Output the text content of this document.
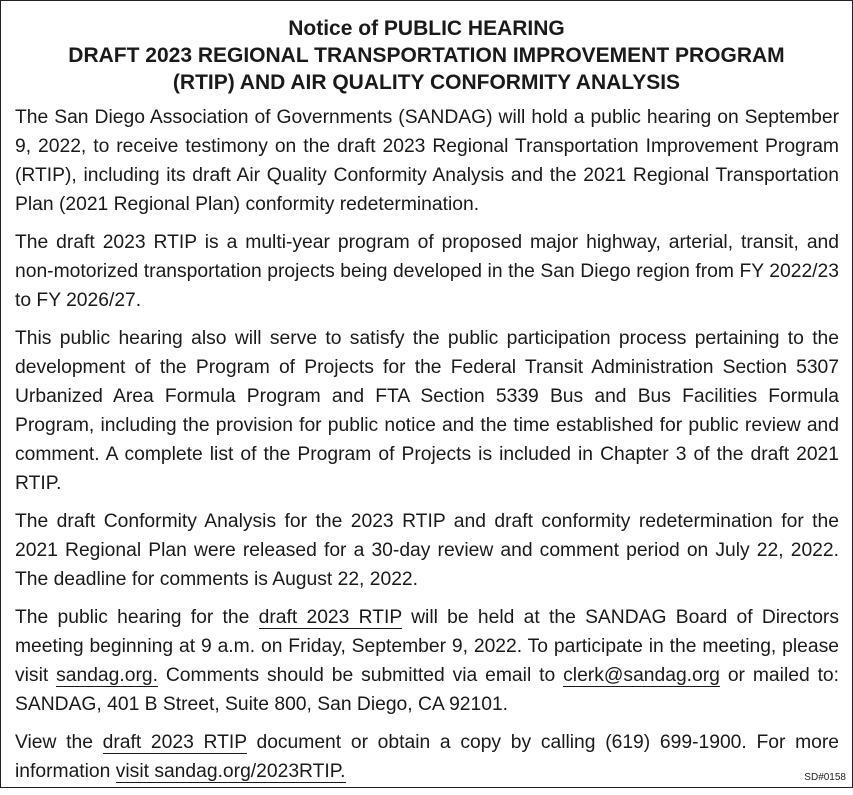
Notice of PUBLIC HEARING
DRAFT 2023 REGIONAL TRANSPORTATION IMPROVEMENT PROGRAM
(RTIP) AND AIR QUALITY CONFORMITY ANALYSIS

The San Diego Association of Governments (SANDAG) will hold a public hearing on September 9, 2022, to receive testimony on the draft 2023 Regional Transportation Improvement Program (RTIP), including its draft Air Quality Conformity Analysis and the 2021 Regional Transportation Plan (2021 Regional Plan) conformity redetermination.

The draft 2023 RTIP is a multi-year program of proposed major highway, arterial, transit, and non-motorized transportation projects being developed in the San Diego region from FY 2022/23 to FY 2026/27.

This public hearing also will serve to satisfy the public participation process pertaining to the development of the Program of Projects for the Federal Transit Administration Section 5307 Urbanized Area Formula Program and FTA Section 5339 Bus and Bus Facilities Formula Program, including the provision for public notice and the time established for public review and comment. A complete list of the Program of Projects is included in Chapter 3 of the draft 2021 RTIP.

The draft Conformity Analysis for the 2023 RTIP and draft conformity redetermination for the 2021 Regional Plan were released for a 30-day review and comment period on July 22, 2022. The deadline for comments is August 22, 2022.

The public hearing for the draft 2023 RTIP will be held at the SANDAG Board of Directors meeting beginning at 9 a.m. on Friday, September 9, 2022. To participate in the meeting, please visit sandag.org. Comments should be submitted via email to clerk@sandag.org or mailed to: SANDAG, 401 B Street, Suite 800, San Diego, CA 92101.

View the draft 2023 RTIP document or obtain a copy by calling (619) 699-1900. For more information visit sandag.org/2023RTIP.	SD#0158
